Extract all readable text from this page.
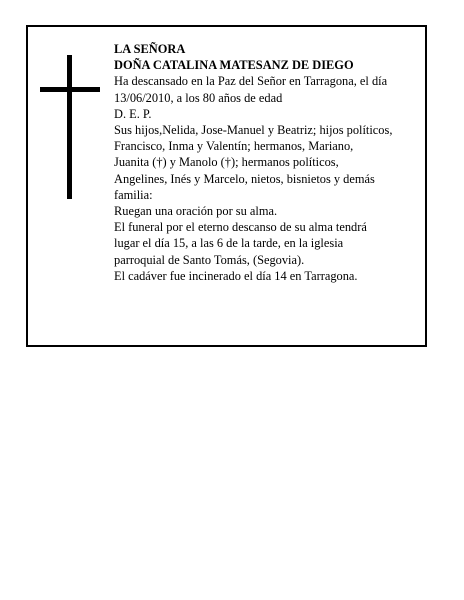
LA SEÑORA
DOÑA CATALINA MATESANZ DE DIEGO
Ha descansado en la Paz del Señor en Tarragona, el día
13/06/2010, a los 80 años de edad
D. E. P.
Sus hijos,Nelida, Jose-Manuel y Beatriz; hijos políticos,
Francisco, Inma y Valentín; hermanos, Mariano,
Juanita (†) y Manolo (†); hermanos políticos,
Angelines, Inés y Marcelo, nietos, bisnietos y demás
familia:
Ruegan una oración por su alma.
El funeral por el eterno descanso de su alma tendrá
lugar el día 15, a las 6 de la tarde, en la iglesia
parroquial de Santo Tomás, (Segovia).
El cadáver fue incinerado el día 14 en Tarragona.
